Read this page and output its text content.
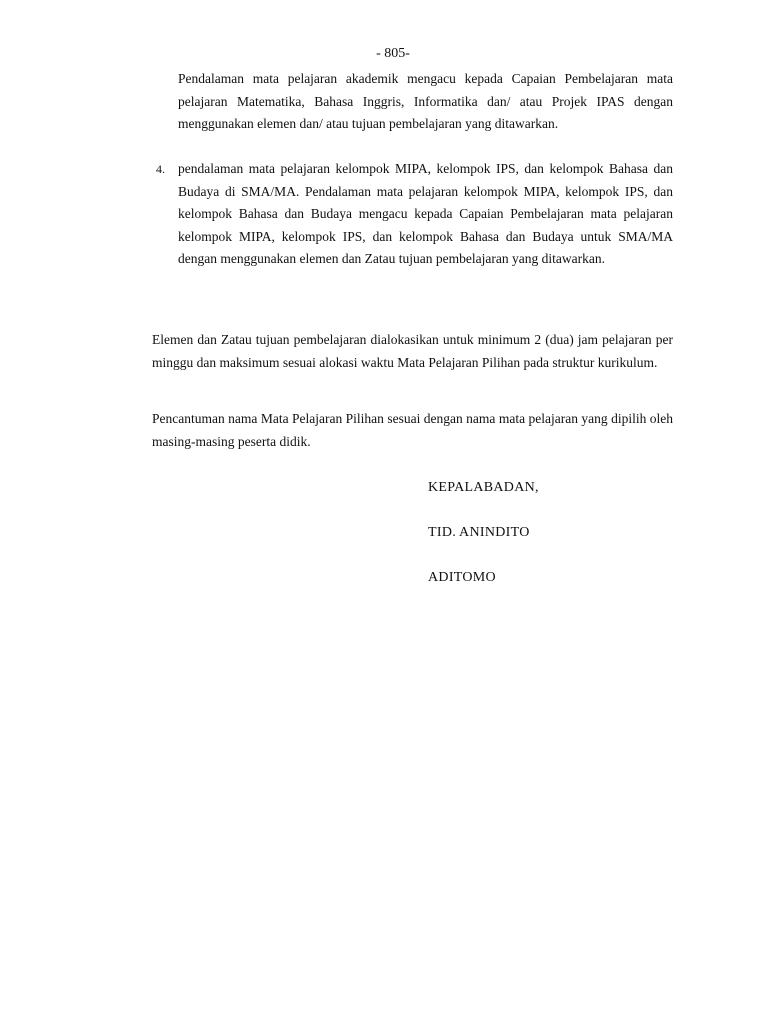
- 805-
Pendalaman mata pelajaran akademik mengacu kepada Capaian Pembelajaran mata pelajaran Matematika, Bahasa Inggris, Informatika dan/ atau Projek IPAS dengan menggunakan elemen dan/ atau tujuan pembelajaran yang ditawarkan.
4. pendalaman mata pelajaran kelompok MIPA, kelompok IPS, dan kelompok Bahasa dan Budaya di SMA/MA. Pendalaman mata pelajaran kelompok MIPA, kelompok IPS, dan kelompok Bahasa dan Budaya mengacu kepada Capaian Pembelajaran mata pelajaran kelompok MIPA, kelompok IPS, dan kelompok Bahasa dan Budaya untuk SMA/MA dengan menggunakan elemen dan Zatau tujuan pembelajaran yang ditawarkan.
Elemen dan Zatau tujuan pembelajaran dialokasikan untuk minimum 2 (dua) jam pelajaran per minggu dan maksimum sesuai alokasi waktu Mata Pelajaran Pilihan pada struktur kurikulum.
Pencantuman nama Mata Pelajaran Pilihan sesuai dengan nama mata pelajaran yang dipilih oleh masing-masing peserta didik.
KEPALABADAN,
TID. ANINDITO
ADITOMO
